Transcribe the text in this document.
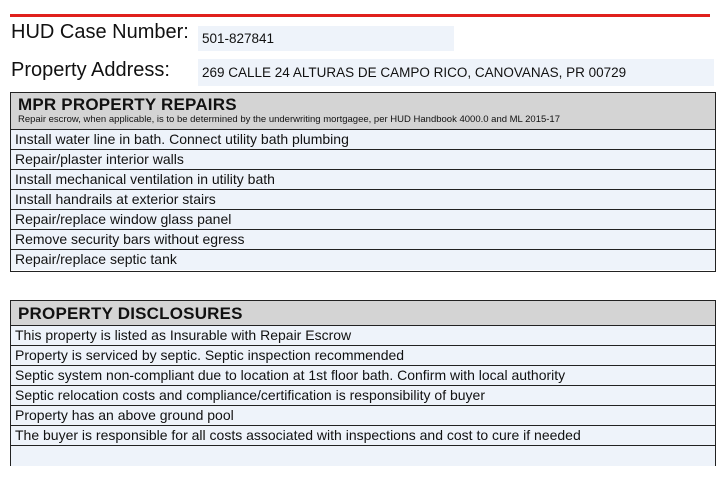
HUD Case Number: 501-827841
Property Address: 269 CALLE 24 ALTURAS DE CAMPO RICO, CANOVANAS, PR 00729
MPR PROPERTY REPAIRS
Repair escrow, when applicable, is to be determined by the underwriting mortgagee, per HUD Handbook 4000.0 and ML 2015-17
Install water line in bath. Connect utility bath plumbing
Repair/plaster interior walls
Install mechanical ventilation in utility bath
Install handrails at exterior stairs
Repair/replace window glass panel
Remove security bars without egress
Repair/replace septic tank
PROPERTY DISCLOSURES
This property is listed as Insurable with Repair Escrow
Property is serviced by septic. Septic inspection recommended
Septic system non-compliant due to location at 1st floor bath. Confirm with local authority
Septic relocation costs and compliance/certification is responsibility of buyer
Property has an above ground pool
The buyer is responsible for all costs associated with inspections and cost to cure if needed
